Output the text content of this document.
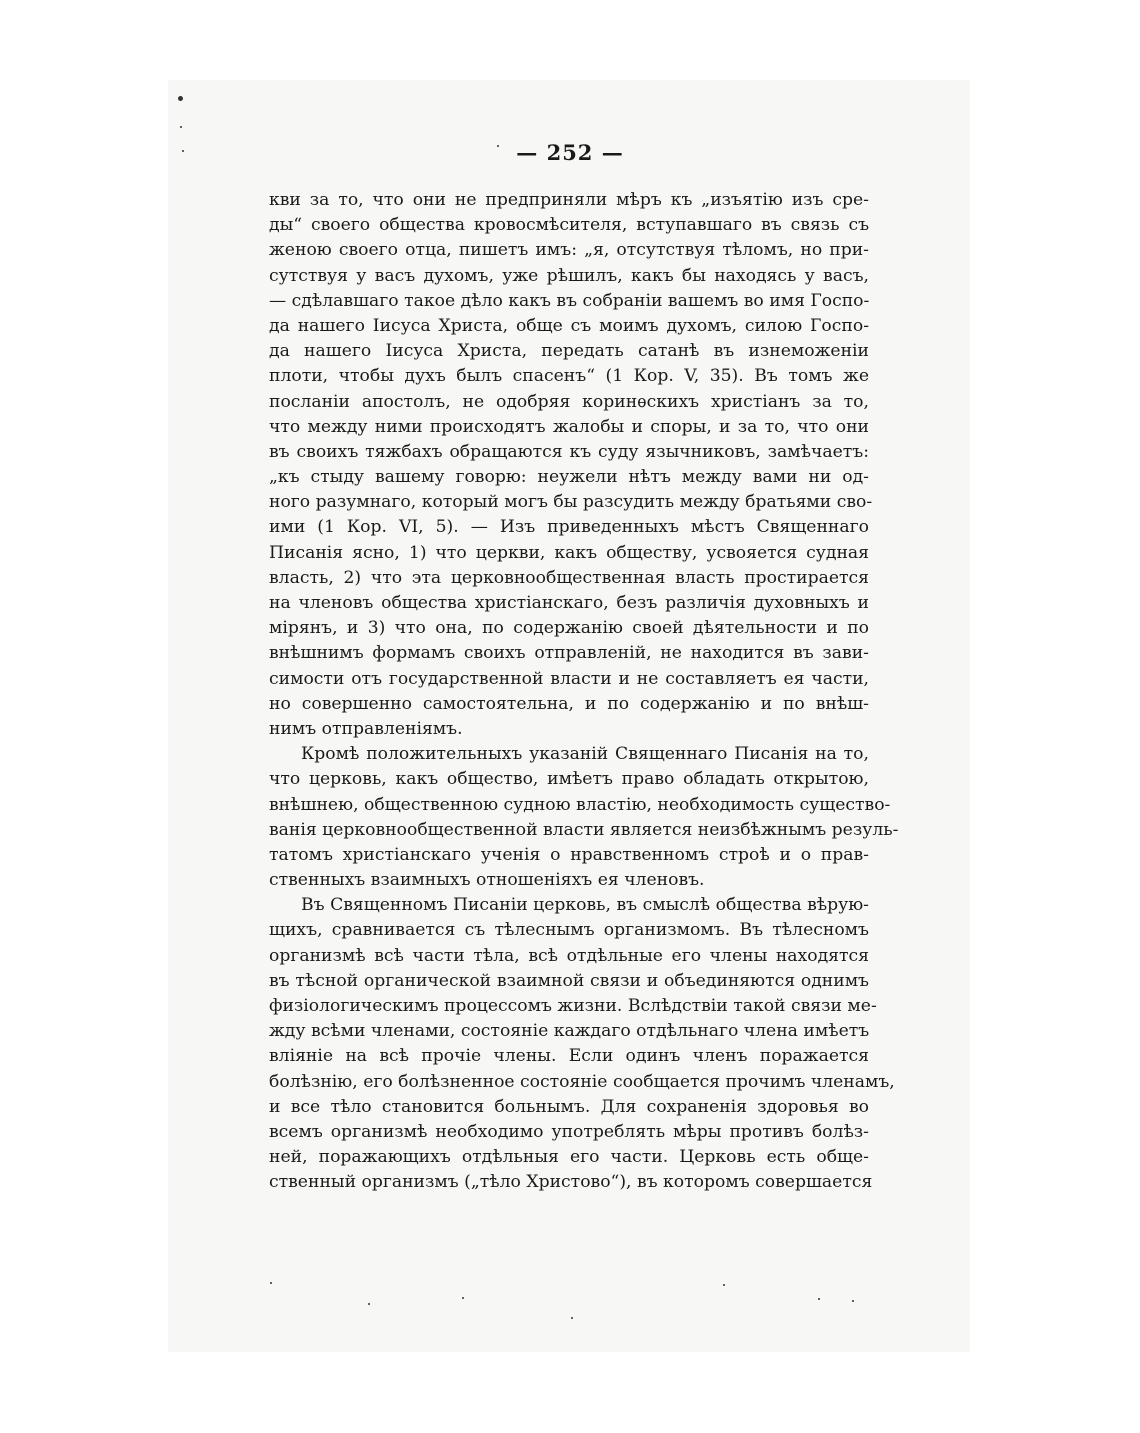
— 252 —
кви за то, что они не предприняли мѣръ къ „изъятію изъ сре-
ды“ своего общества кровосмѣсителя, вступавшаго въ связь съ
женою своего отца, пишетъ имъ: „я, отсутствуя тѣломъ, но при-
сутствуя у васъ духомъ, уже рѣшилъ, какъ бы находясь у васъ,
— сдѣлавшаго такое дѣло какъ въ собраніи вашемъ во имя Госпо-
да нашего Іисуса Христа, обще съ моимъ духомъ, силою Госпо-
да нашего Іисуса Христа, передать сатанѣ въ изнеможеніи
плоти, чтобы духъ былъ спасенъ“ (1 Кор. V, 35). Въ томъ же
посланіи апостолъ, не одобряя коринѳскихъ христіанъ за то,
что между ними происходятъ жалобы и споры, и за то, что они
въ своихъ тяжбахъ обращаются къ суду язычниковъ, замѣчаетъ:
„къ стыду вашему говорю: неужели нѣтъ между вами ни од-
ного разумнаго, который могъ бы разсудить между братьями сво-
ими (1 Кор. VI, 5). — Изъ приведенныхъ мѣстъ Священнаго
Писанія ясно, 1) что церкви, какъ обществу, усвояется судная
власть, 2) что эта церковнообщественная власть простирается
на членовъ общества христіанскаго, безъ различія духовныхъ и
мірянъ, и 3) что она, по содержанію своей дѣятельности и по
внѣшнимъ формамъ своихъ отправленій, не находится въ зави-
симости отъ государственной власти и не составляетъ ея части,
но совершенно самостоятельна, и по содержанію и по внѣш-
нимъ отправленіямъ.
Кромѣ положительныхъ указаній Священнаго Писанія на то,
что церковь, какъ общество, имѣетъ право обладать открытою,
внѣшнею, общественною судною властію, необходимость существо-
ванія церковнообщественной власти является неизбѣжнымъ резуль-
татомъ христіанскаго ученія о нравственномъ строѣ и о прав-
ственныхъ взаимныхъ отношеніяхъ ея членовъ.
Въ Священномъ Писаніи церковь, въ смыслѣ общества вѣрую-
щихъ, сравнивается съ тѣлеснымъ организмомъ. Въ тѣлесномъ
организмѣ всѣ части тѣла, всѣ отдѣльные его члены находятся
въ тѣсной органической взаимной связи и объединяются однимъ
физіологическимъ процессомъ жизни. Вслѣдствіи такой связи ме-
жду всѣми членами, состояніе каждаго отдѣльнаго члена имѣетъ
вліяніе на всѣ прочіе члены. Если одинъ членъ поражается
болѣзнію, его болѣзненное состояніе сообщается прочимъ членамъ,
и все тѣло становится больнымъ. Для сохраненія здоровья во
всемъ организмѣ необходимо употреблять мѣры противъ болѣз-
ней, поражающихъ отдѣльныя его части. Церковь есть обще-
ственный организмъ („тѣло Христово“), въ которомъ совершается
